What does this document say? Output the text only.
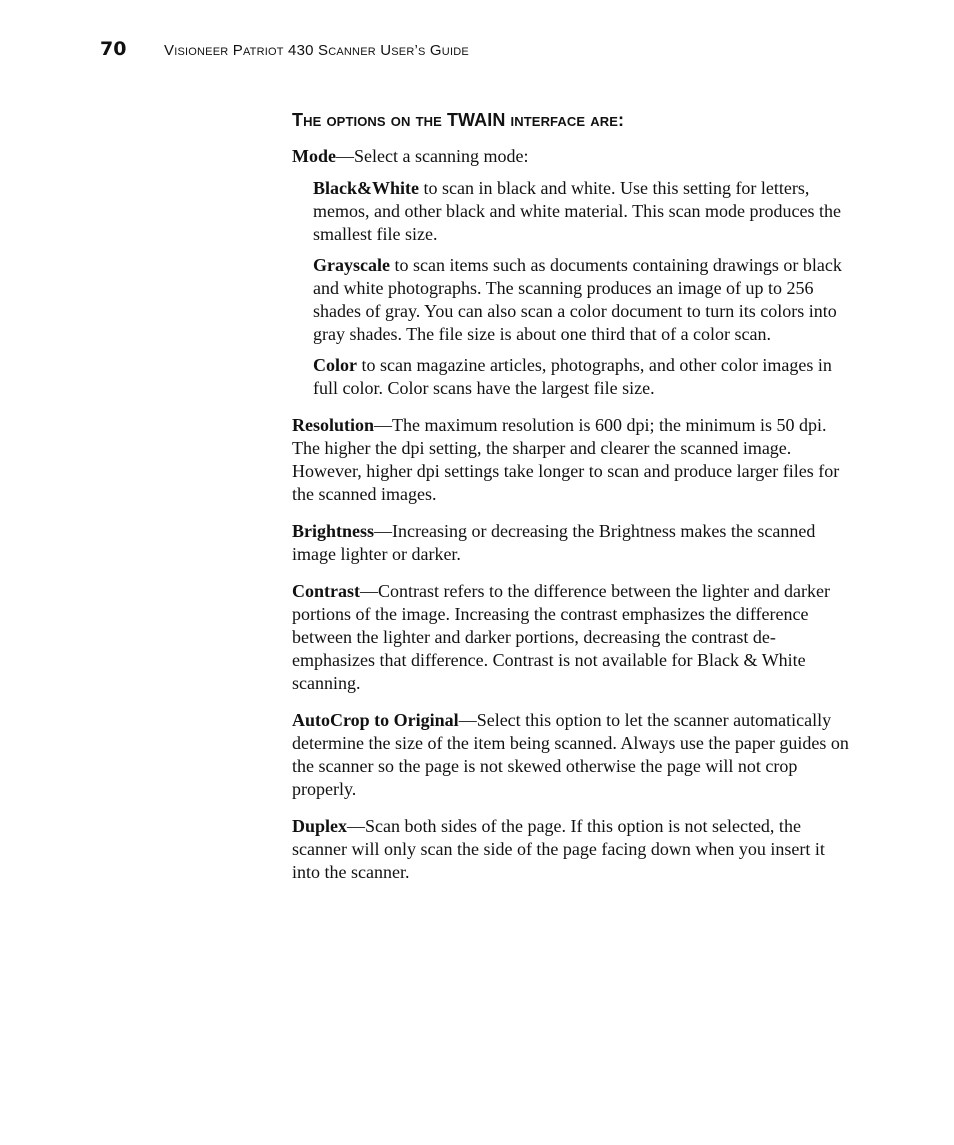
70	Visioneer Patriot 430 Scanner User’s Guide
The options on the TWAIN interface are:

Mode—Select a scanning mode:

Black&White to scan in black and white. Use this setting for letters, memos, and other black and white material. This scan mode produces the smallest file size.

Grayscale to scan items such as documents containing drawings or black and white photographs. The scanning produces an image of up to 256 shades of gray. You can also scan a color document to turn its colors into gray shades. The file size is about one third that of a color scan.

Color to scan magazine articles, photographs, and other color images in full color. Color scans have the largest file size.

Resolution—The maximum resolution is 600 dpi; the minimum is 50 dpi. The higher the dpi setting, the sharper and clearer the scanned image. However, higher dpi settings take longer to scan and produce larger files for the scanned images.

Brightness—Increasing or decreasing the Brightness makes the scanned image lighter or darker.

Contrast—Contrast refers to the difference between the lighter and darker portions of the image. Increasing the contrast emphasizes the difference between the lighter and darker portions, decreasing the contrast de-emphasizes that difference. Contrast is not available for Black & White scanning.

AutoCrop to Original—Select this option to let the scanner automatically determine the size of the item being scanned. Always use the paper guides on the scanner so the page is not skewed otherwise the page will not crop properly.

Duplex—Scan both sides of the page. If this option is not selected, the scanner will only scan the side of the page facing down when you insert it into the scanner.
